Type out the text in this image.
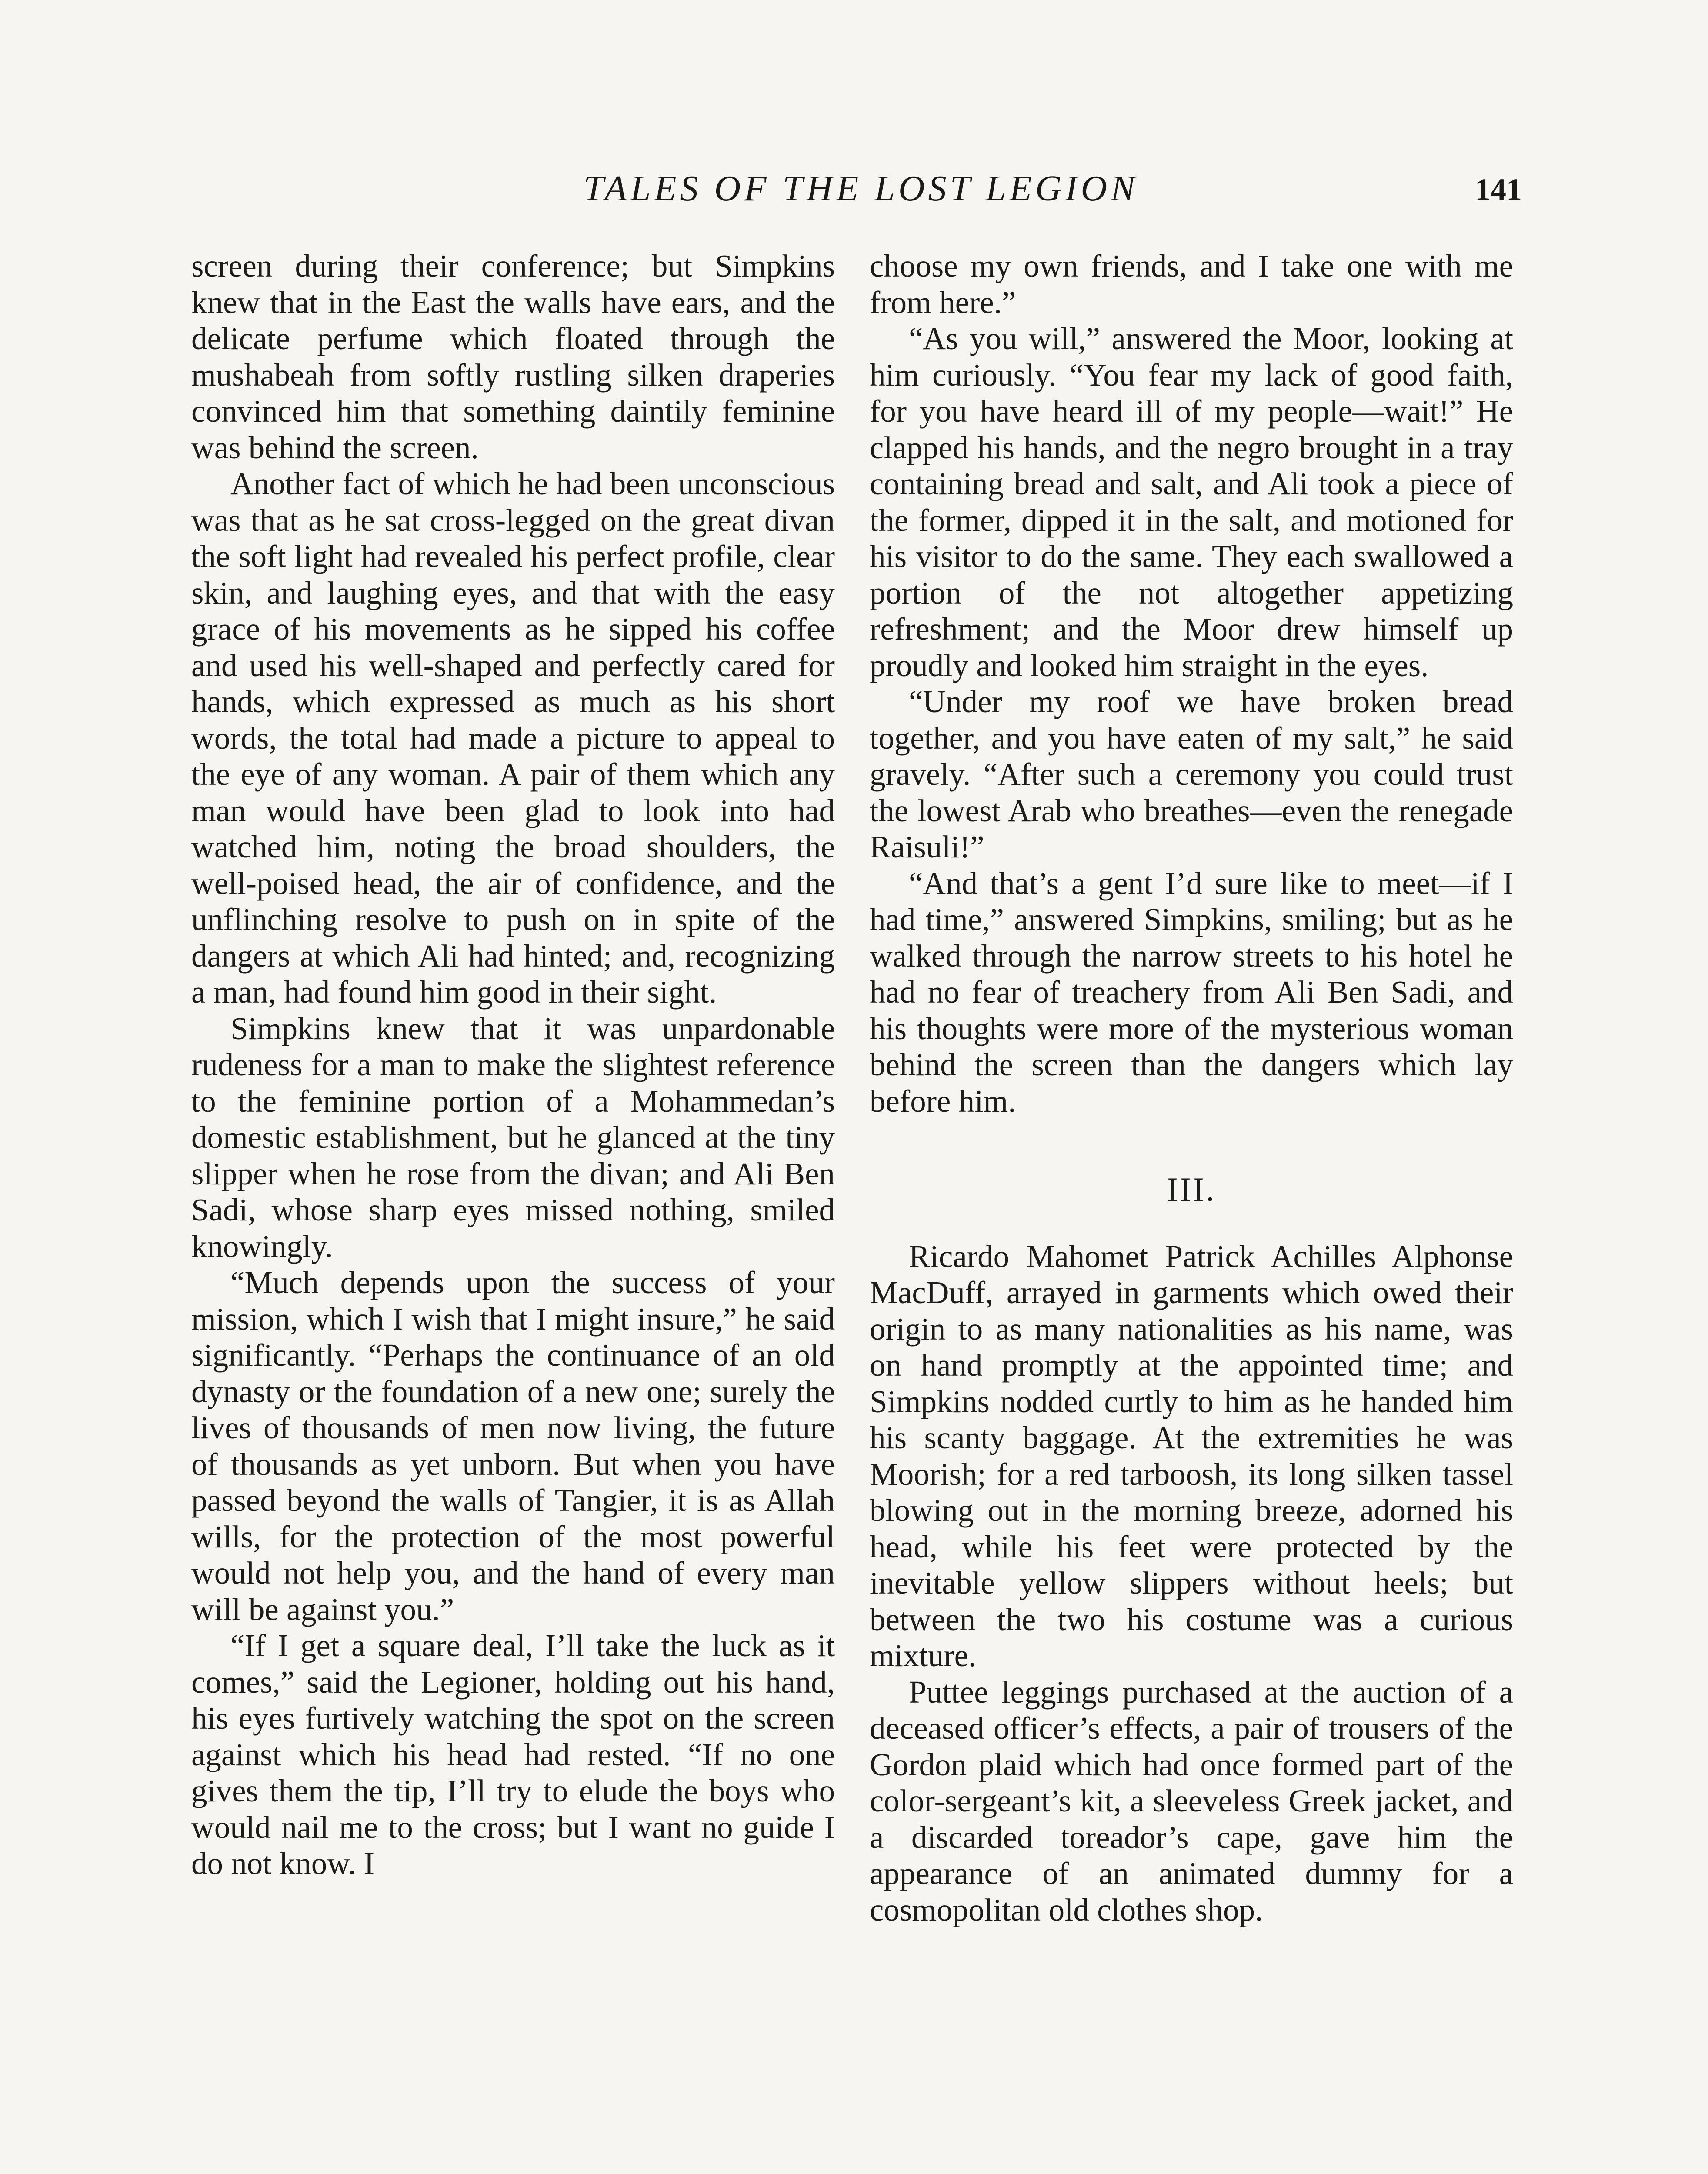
TALES OF THE LOST LEGION	141

screen during their conference; but Simpkins knew that in the East the walls have ears, and the delicate perfume which floated through the mushabeah from softly rustling silken draperies convinced him that something daintily feminine was behind the screen.

Another fact of which he had been unconscious was that as he sat cross-legged on the great divan the soft light had revealed his perfect profile, clear skin, and laughing eyes, and that with the easy grace of his movements as he sipped his coffee and used his well-shaped and perfectly cared for hands, which expressed as much as his short words, the total had made a picture to appeal to the eye of any woman. A pair of them which any man would have been glad to look into had watched him, noting the broad shoulders, the well-poised head, the air of confidence, and the unflinching resolve to push on in spite of the dangers at which Ali had hinted; and, recognizing a man, had found him good in their sight.

Simpkins knew that it was unpardonable rudeness for a man to make the slightest reference to the feminine portion of a Mohammedan’s domestic establishment, but he glanced at the tiny slipper when he rose from the divan; and Ali Ben Sadi, whose sharp eyes missed nothing, smiled knowingly.

“Much depends upon the success of your mission, which I wish that I might insure,” he said significantly. “Perhaps the continuance of an old dynasty or the foundation of a new one; surely the lives of thousands of men now living, the future of thousands as yet unborn. But when you have passed beyond the walls of Tangier, it is as Allah wills, for the protection of the most powerful would not help you, and the hand of every man will be against you.”

“If I get a square deal, I’ll take the luck as it comes,” said the Legioner, holding out his hand, his eyes furtively watching the spot on the screen against which his head had rested. “If no one gives them the tip, I’ll try to elude the boys who would nail me to the cross; but I want no guide I do not know. I

choose my own friends, and I take one with me from here.”

“As you will,” answered the Moor, looking at him curiously. “You fear my lack of good faith, for you have heard ill of my people—wait!” He clapped his hands, and the negro brought in a tray containing bread and salt, and Ali took a piece of the former, dipped it in the salt, and motioned for his visitor to do the same. They each swallowed a portion of the not altogether appetizing refreshment; and the Moor drew himself up proudly and looked him straight in the eyes.

“Under my roof we have broken bread together, and you have eaten of my salt,” he said gravely. “After such a ceremony you could trust the lowest Arab who breathes—even the renegade Raisuli!”

“And that’s a gent I’d sure like to meet—if I had time,” answered Simpkins, smiling; but as he walked through the narrow streets to his hotel he had no fear of treachery from Ali Ben Sadi, and his thoughts were more of the mysterious woman behind the screen than the dangers which lay before him.

III.

Ricardo Mahomet Patrick Achilles Alphonse MacDuff, arrayed in garments which owed their origin to as many nationalities as his name, was on hand promptly at the appointed time; and Simpkins nodded curtly to him as he handed him his scanty baggage. At the extremities he was Moorish; for a red tarboosh, its long silken tassel blowing out in the morning breeze, adorned his head, while his feet were protected by the inevitable yellow slippers without heels; but between the two his costume was a curious mixture.

Puttee leggings purchased at the auction of a deceased officer’s effects, a pair of trousers of the Gordon plaid which had once formed part of the color-sergeant’s kit, a sleeveless Greek jacket, and a discarded toreador’s cape, gave him the appearance of an animated dummy for a cosmopolitan old clothes shop.
